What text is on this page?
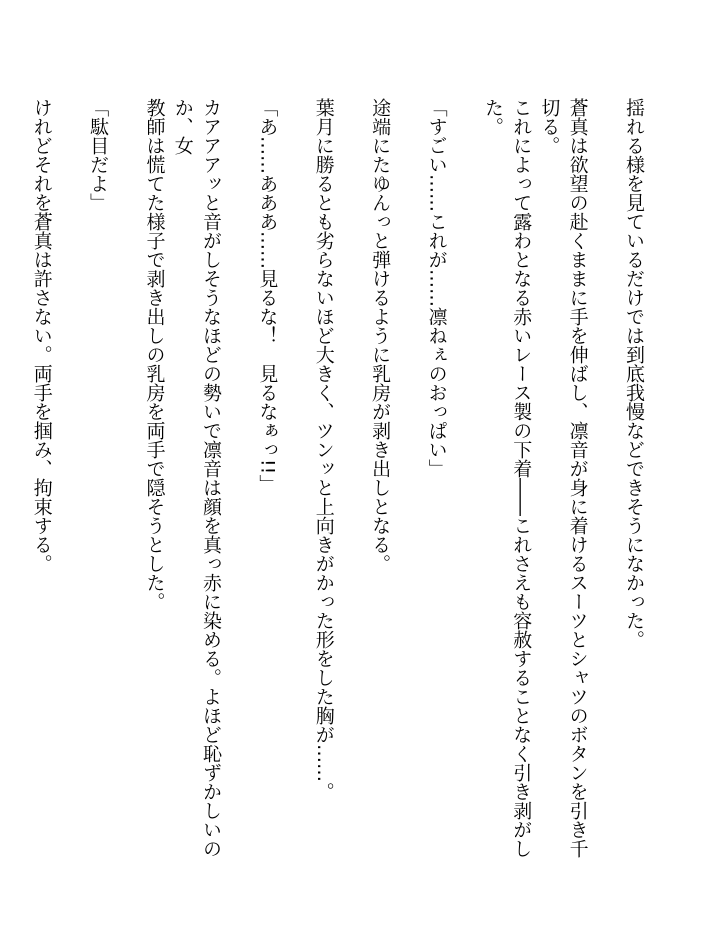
揺れる様を見ているだけでは到底我慢などできそうになかった。

蒼真は欲望の赴くままに手を伸ばし、凛音が身に着けるスーツとシャツのボタンを引き千切る。

これによって露わとなる赤いレース製の下着――これさえも容赦することなく引き剥がした。

「すごい……これが……凛ねぇのおっぱい」

途端にたゆんっと弾けるように乳房が剥き出しとなる。

葉月に勝るとも劣らないほど大きく、ツンッと上向きがかった形をした胸が……。

「あ……あああ……見るな！　見るなぁっ!!」

カアアアッと音がしそうなほどの勢いで凛音は顔を真っ赤に染める。よほど恥ずかしいのか、女

教師は慌てた様子で剥き出しの乳房を両手で隠そうとした。

「駄目だよ」

けれどそれを蒼真は許さない。両手を掴み、拘束する。
